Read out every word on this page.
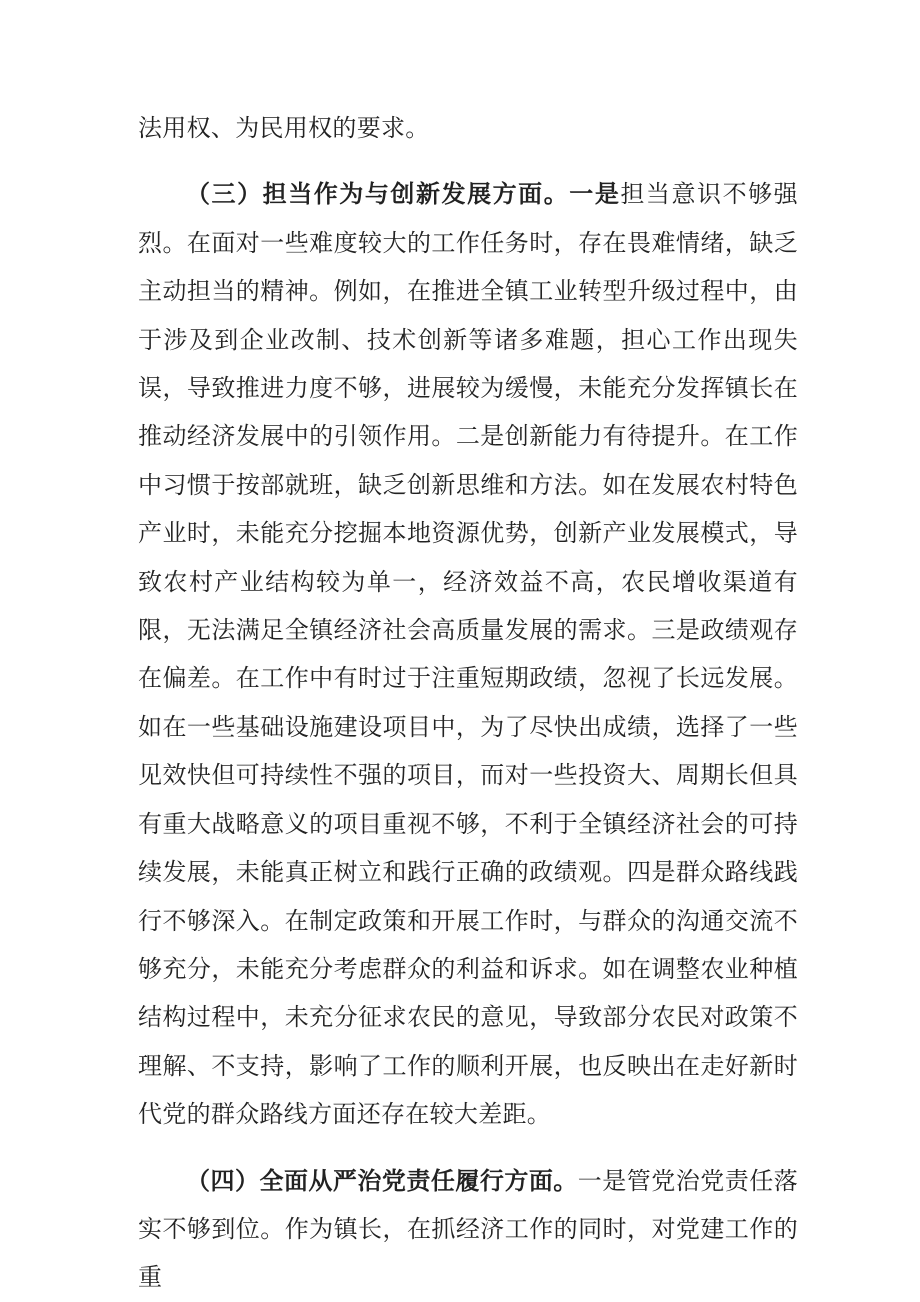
法用权、为民用权的要求。

（三）担当作为与创新发展方面。一是担当意识不够强烈。在面对一些难度较大的工作任务时，存在畏难情绪，缺乏主动担当的精神。例如，在推进全镇工业转型升级过程中，由于涉及到企业改制、技术创新等诸多难题，担心工作出现失误，导致推进力度不够，进展较为缓慢，未能充分发挥镇长在推动经济发展中的引领作用。二是创新能力有待提升。在工作中习惯于按部就班，缺乏创新思维和方法。如在发展农村特色产业时，未能充分挖掘本地资源优势，创新产业发展模式，导致农村产业结构较为单一，经济效益不高，农民增收渠道有限，无法满足全镇经济社会高质量发展的需求。三是政绩观存在偏差。在工作中有时过于注重短期政绩，忽视了长远发展。如在一些基础设施建设项目中，为了尽快出成绩，选择了一些见效快但可持续性不强的项目，而对一些投资大、周期长但具有重大战略意义的项目重视不够，不利于全镇经济社会的可持续发展，未能真正树立和践行正确的政绩观。四是群众路线践行不够深入。在制定政策和开展工作时，与群众的沟通交流不够充分，未能充分考虑群众的利益和诉求。如在调整农业种植结构过程中，未充分征求农民的意见，导致部分农民对政策不理解、不支持，影响了工作的顺利开展，也反映出在走好新时代党的群众路线方面还存在较大差距。

（四）全面从严治党责任履行方面。一是管党治党责任落实不够到位。作为镇长，在抓经济工作的同时，对党建工作的重
